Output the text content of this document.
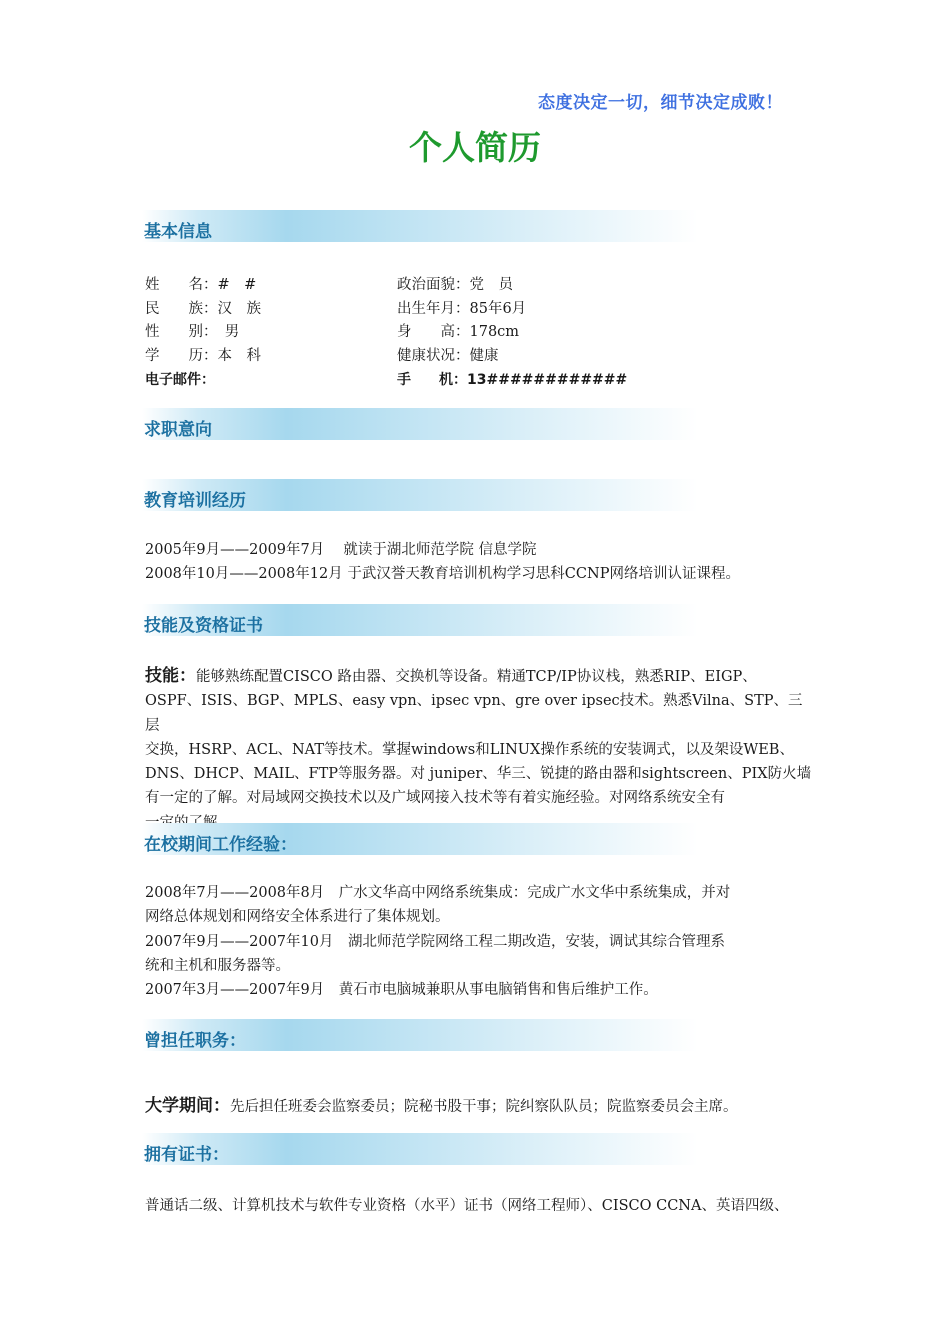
态度决定一切，细节决定成败！
个人简历
基本信息
姓　　名：#　#
民　　族：汉　族
性　　别：　男
学　　历：本　科
电子邮件：
政治面貌：党　员
出生年月：85年6月
身　　高：178cm
健康状况：健康
手　　机：13############
求职意向
教育培训经历
2005年9月——2009年7月　 就读于湖北师范学院 信息学院
2008年10月——2008年12月 于武汉誉天教育培训机构学习思科CCNP网络培训认证课程。
技能及资格证书
技能：能够熟练配置CISCO 路由器、交换机等设备。精通TCP/IP协议栈，熟悉RIP、EIGP、
OSPF、ISIS、BGP、MPLS、easy vpn、ipsec vpn、gre over ipsec技术。熟悉Vilna、STP、三层
交换，HSRP、ACL、NAT等技术。掌握windows和LINUX操作系统的安装调式，以及架设WEB、
DNS、DHCP、MAIL、FTP等服务器。对 juniper、华三、锐捷的路由器和sightscreen、PIX防火墙
有一定的了解。对局域网交换技术以及广域网接入技术等有着实施经验。对网络系统安全有
在校期间工作经验：
2008年7月——2008年8月　广水文华高中网络系统集成：完成广水文华中系统集成，并对
网络总体规划和网络安全体系进行了集体规划。
2007年9月——2007年10月　湖北师范学院网络工程二期改造，安装，调试其综合管理系
统和主机和服务器等。
2007年3月——2007年9月　黄石市电脑城兼职从事电脑销售和售后维护工作。
曾担任职务：
大学期间：先后担任班委会监察委员；院秘书股干事；院纠察队队员；院监察委员会主席。
拥有证书：
普通话二级、计算机技术与软件专业资格（水平）证书（网络工程师）、CISCO CCNA、英语四级、
